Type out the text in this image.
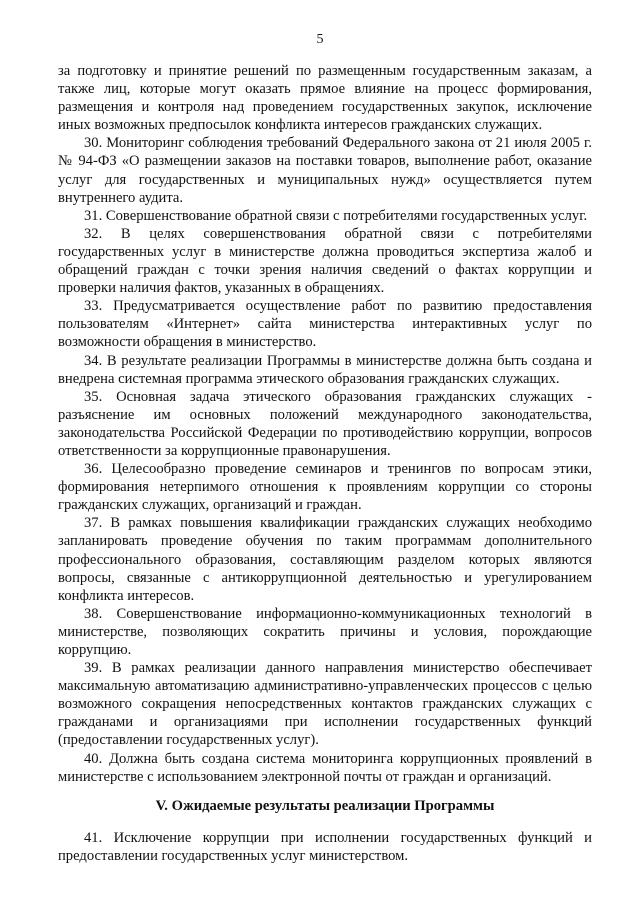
5

за подготовку и принятие решений по размещенным государственным заказам, а также лиц, которые могут оказать прямое влияние на процесс формирования, размещения и контроля над проведением государственных закупок, исключение иных возможных предпосылок конфликта интересов гражданских служащих.

30. Мониторинг соблюдения требований Федерального закона от 21 июля 2005 г. № 94-ФЗ «О размещении заказов на поставки товаров, выполнение работ, оказание услуг для государственных и муниципальных нужд» осуществляется путем внутреннего аудита.

31. Совершенствование обратной связи с потребителями государственных услуг.

32. В целях совершенствования обратной связи с потребителями государственных услуг в министерстве должна проводиться экспертиза жалоб и обращений граждан с точки зрения наличия сведений о фактах коррупции и проверки наличия фактов, указанных в обращениях.

33. Предусматривается осуществление работ по развитию предоставления пользователям «Интернет» сайта министерства интерактивных услуг по возможности обращения в министерство.

34. В результате реализации Программы в министерстве должна быть создана и внедрена системная программа этического образования гражданских служащих.

35. Основная задача этического образования гражданских служащих - разъяснение им основных положений международного законодательства, законодательства Российской Федерации по противодействию коррупции, вопросов ответственности за коррупционные правонарушения.

36. Целесообразно проведение семинаров и тренингов по вопросам этики, формирования нетерпимого отношения к проявлениям коррупции со стороны гражданских служащих, организаций и граждан.

37. В рамках повышения квалификации гражданских служащих необходимо запланировать проведение обучения по таким программам дополнительного профессионального образования, составляющим разделом которых являются вопросы, связанные с антикоррупционной деятельностью и урегулированием конфликта интересов.

38. Совершенствование информационно-коммуникационных технологий в министерстве, позволяющих сократить причины и условия, порождающие коррупцию.

39. В рамках реализации данного направления министерство обеспечивает максимальную автоматизацию административно-управленческих процессов с целью возможного сокращения непосредственных контактов гражданских служащих с гражданами и организациями при исполнении государственных функций (предоставлении государственных услуг).

40. Должна быть создана система мониторинга коррупционных проявлений в министерстве с использованием электронной почты от граждан и организаций.

V. Ожидаемые результаты реализации Программы

41. Исключение коррупции при исполнении государственных функций и предоставлении государственных услуг министерством.
